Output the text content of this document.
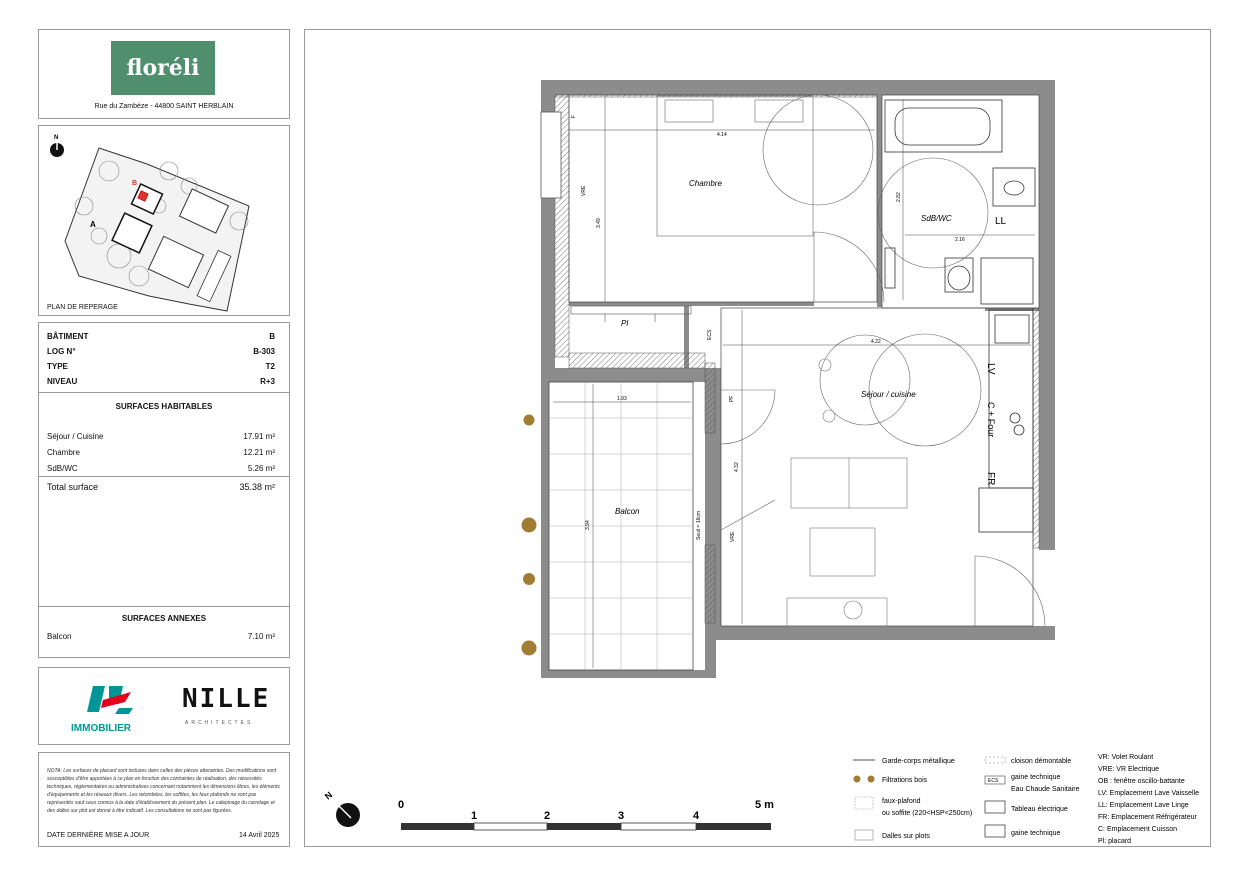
floréli
Rue du Zambèze - 44800 SAINT HERBLAIN
N
A
B
PLAN DE REPERAGE
BÂTIMENT	B
LOG N°	B-303
TYPE	T2
NIVEAU	R+3
SURFACES HABITABLES
Séjour / Cuisine	17.91 m²
Chambre	12.21 m²
SdB/WC	5.26 m²
Total surface	35.38 m²
SURFACES ANNEXES
Balcon	7.10 m²
IMMOBILIER
NILLE
ARCHITECTES
NOTA: Les surfaces de placard sont incluses dans celles des pièces attenantes. Des modifications sont susceptibles d'être apportées à ce plan en fonction des contraintes de réalisation, des nécessités techniques, réglementaires ou administratives concernant notamment les dimensions libres, les éléments d'équipements et les réseaux divers. Les retombées, les soffites, les faux plafonds ne sont pas représentés sauf ceux connus à la date d'établissement du présent plan. Le calepinage du carrelage et des dalles sur plot est donné à titre indicatif. Les consultations ne sont pas figurées.
DATE DERNIÈRE MISE A JOUR	14 Avril 2025
Chambre
SdB/WC
Séjour / cuisine
Balcon
Pl
4.14
3.49
2.16
2.82
4.22
4.32
1.93
3.94
VRE
F
PF
ECS
VRE
Seuil = 16cm
LL
LV
C + Four
FR
N
0
1	2	3	4
5 m
ECS
Garde-corps métallique
Filtrations bois
faux-plafond
ou soffite (220<HSP<250cm)
Dalles sur plots
cloison démontable
gaine technique
Eau Chaude Sanitaire
Tableau électrique
gaine technique
VR: Volet Roulant
VRE: VR Electrique
OB : fenêtre oscillo-battante
LV: Emplacement Lave Vaisselle
LL: Emplacement Lave Linge
FR: Emplacement Réfrigérateur
C: Emplacement Cuisson
Pl: placard
